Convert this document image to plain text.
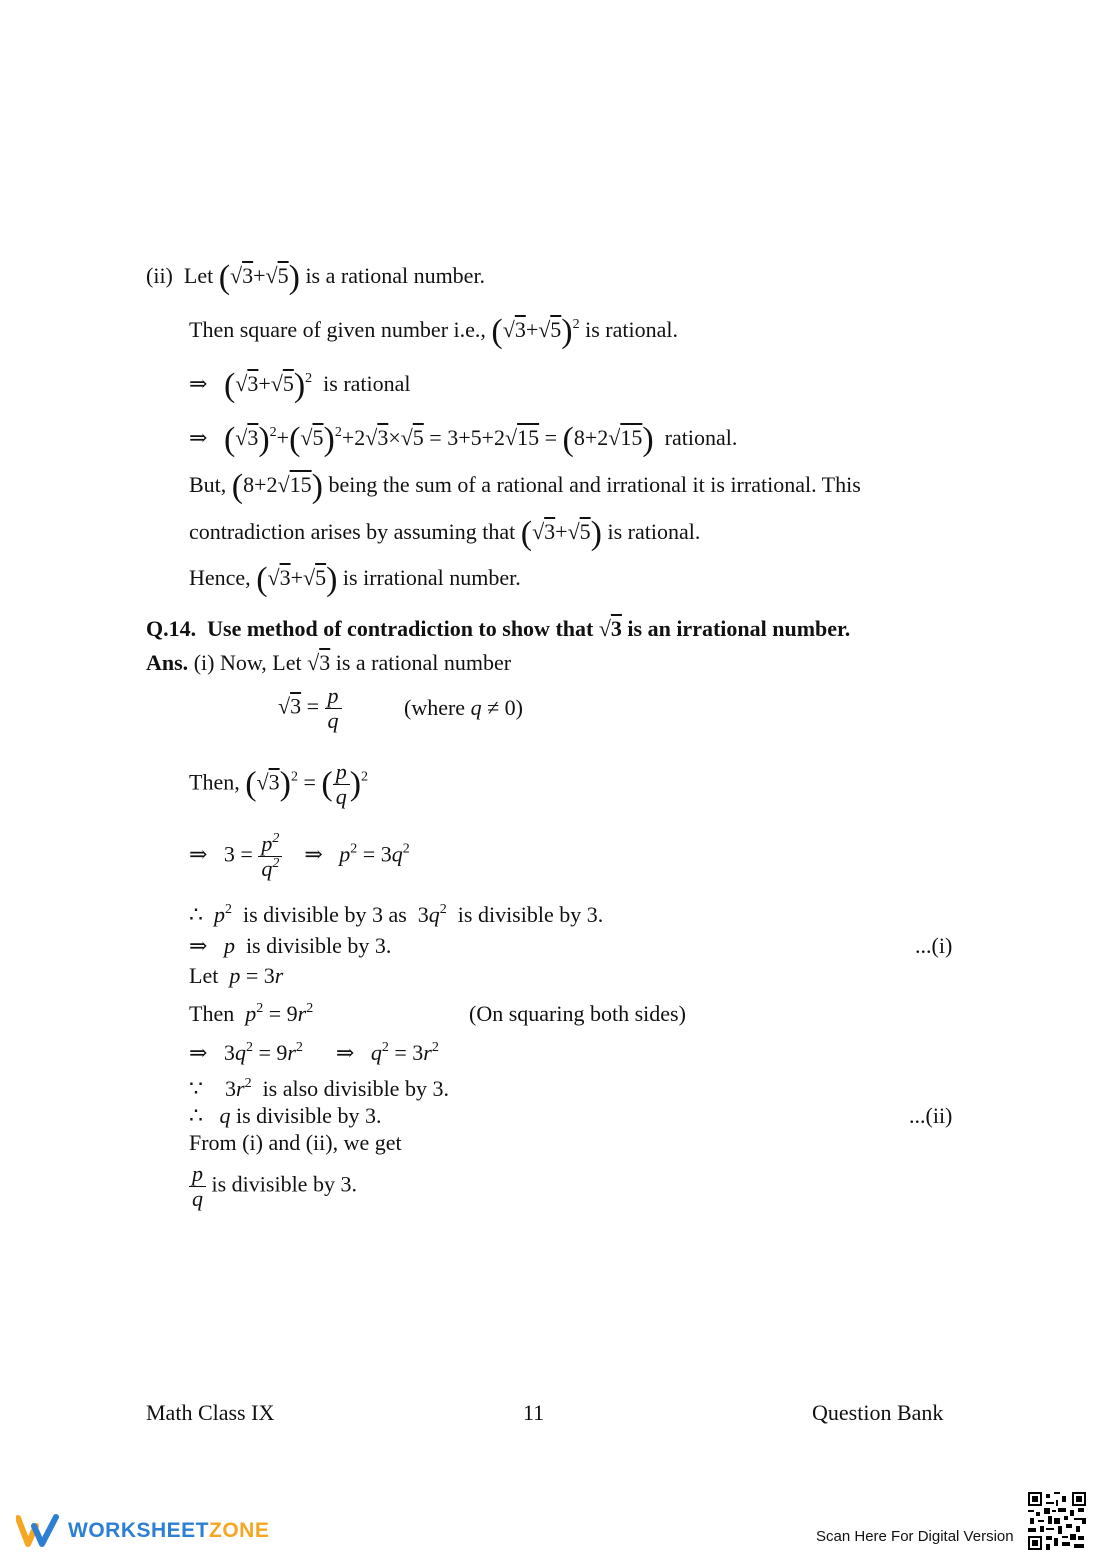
(ii) Let (√3+√5) is a rational number.
Then square of given number i.e., $(√3+√5)^2$ is rational.
⇒   $(√3+√5)^2$ is rational
⇒   $(√3)^2+(√5)^2+2√3\times√5 = 3+5+2√15 = (8+2√15)$ rational.
But, (8+2√15) being the sum of a rational and irrational it is irrational. This
contradiction arises by assuming that (√3+√5) is rational.
Hence, (√3+√5) is irrational number.
Q.14. Use method of contradiction to show that √3 is an irrational number.
Ans. (i) Now, Let √3 is a rational number
$√3 = \frac{p}{q}$	(where q ≠ 0)
Then, $(√3)^2$ = ( $\frac{p}{q} )^2$
⇒   $3 = \frac{p^2}{q^2}$ ⇒   $p^2 = 3q^2$
∴  $p^2$ is divisible by 3 as  $3q^2$ is divisible by 3.
⇒   p is divisible by 3.	...(i)
Let p = 3r
Then $p^2 = 9r^2$	(On squaring both sides)
⇒   $3q^2 = 9r^2$      ⇒   $q^2 = 3r^2$
∵    $3r^2$ is also divisible by 3.
∴   q is divisible by 3.	...(ii)
From (i) and (ii), we get
$\frac{p}{q}$ is divisible by 3.
Math Class IX	11	Question Bank
WORKSHEETZONE	Scan Here For Digital Version
